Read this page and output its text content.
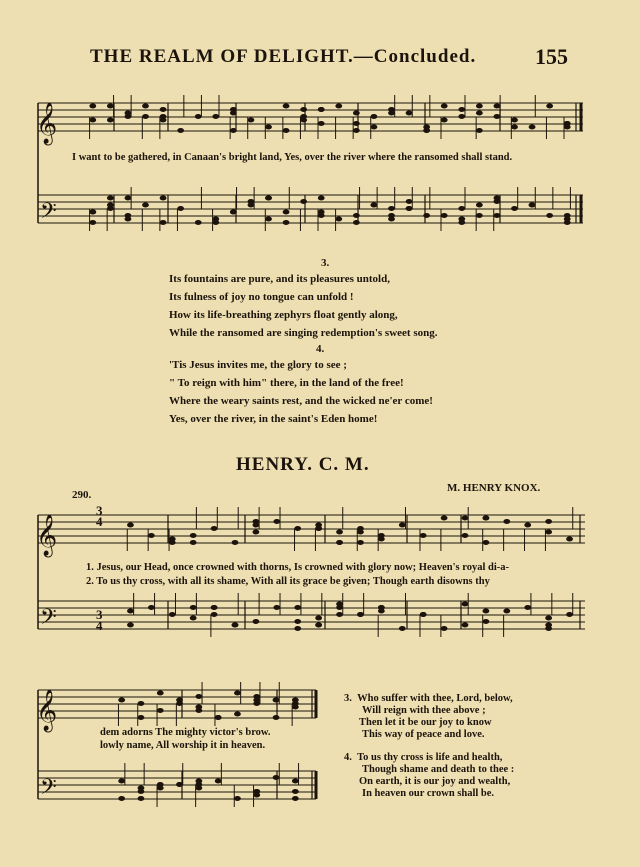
THE REALM OF DELIGHT.—Concluded.	155
𝄞
𝄢
𝄞
𝄢
𝄞
𝄢
I want to be gathered, in Canaan's bright land, Yes, over the river where the ransomed shall stand.
3.
Its fountains are pure, and its pleasures untold,
Its fulness of joy no tongue can unfold !
How its life-breathing zephyrs float gently along,
While the ransomed are singing redemption's sweet song.
4.
'Tis Jesus invites me, the glory to see ;
" To reign with him" there, in the land of the free!
Where the weary saints rest, and the wicked ne'er come!
Yes, over the river, in the saint's Eden home!
HENRY. C. M.
290.
M. HENRY KNOX.
1. Jesus, our Head, once crowned with thorns, Is crowned with glory now; Heaven's royal di-a-
2. To us thy cross, with all its shame, With all its grace be given; Though earth disowns thy
dem adorns The mighty victor's brow.
lowly name, All worship it in heaven.
3. Who suffer with thee, Lord, below,
Will reign with thee above ;
Then let it be our joy to know
This way of peace and love.
4. To us thy cross is life and health,
Though shame and death to thee :
On earth, it is our joy and wealth,
In heaven our crown shall be.
3
4
3
4
